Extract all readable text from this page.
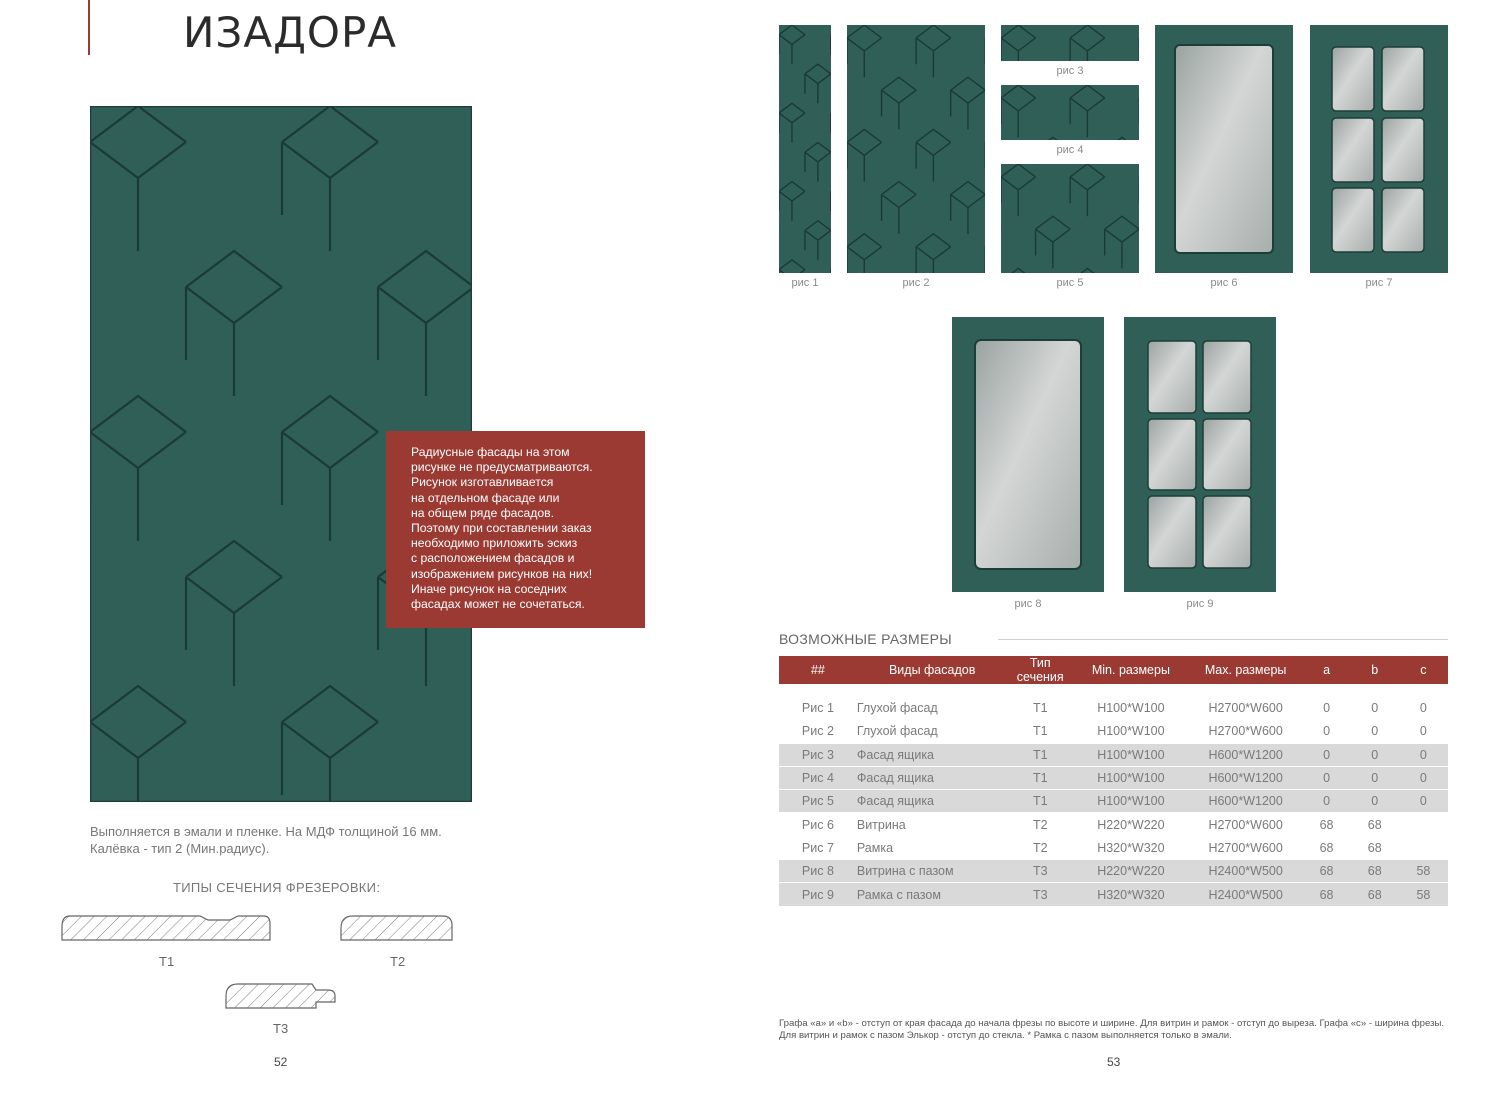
ИЗАДОРА
Радиусные фасады на этом
рисунке не предусматриваются.
Рисунок изготавливается
на отдельном фасаде или
на общем ряде фасадов.
Поэтому при составлении заказ
необходимо приложить эскиз
с расположением фасадов и
изображением рисунков на них!
Иначе рисунок на соседних
фасадах может не сочетаться.
Выполняется в эмали и пленке. На МДФ толщиной 16 мм.
Калёвка - тип 2 (Мин.радиус).
ТИПЫ СЕЧЕНИЯ ФРЕЗЕРОВКИ:
Т1	Т2
Т3
52
рис 1	рис 2
рис 3
рис 4
рис 5	рис 6	рис 7
рис 8	рис 9
ВОЗМОЖНЫЕ РАЗМЕРЫ
##	Виды фасадов	Тип сечения	Min. размеры	Max. размеры	a	b	c

Рис 1	Глухой фасад	Т1	H100*W100	H2700*W600	0	0	0
Рис 2	Глухой фасад	Т1	H100*W100	H2700*W600	0	0	0
Рис 3	Фасад ящика	Т1	H100*W100	H600*W1200	0	0	0
Рис 4	Фасад ящика	Т1	H100*W100	H600*W1200	0	0	0
Рис 5	Фасад ящика	Т1	H100*W100	H600*W1200	0	0	0
Рис 6	Витрина	Т2	H220*W220	H2700*W600	68	68	
Рис 7	Рамка	Т2	H320*W320	H2700*W600	68	68	
Рис 8	Витрина с пазом	Т3	H220*W220	H2400*W500	68	68	58
Рис 9	Рамка с пазом	Т3	H320*W320	H2400*W500	68	68	58
Графа «a» и «b» - отступ от края фасада до начала фрезы по высоте и ширине. Для витрин и рамок - отступ до выреза. Графа «c» - ширина фрезы. Для витрин и рамок с пазом Элькор - отступ до стекла. * Рамка с пазом выполняется только в эмали.
53
